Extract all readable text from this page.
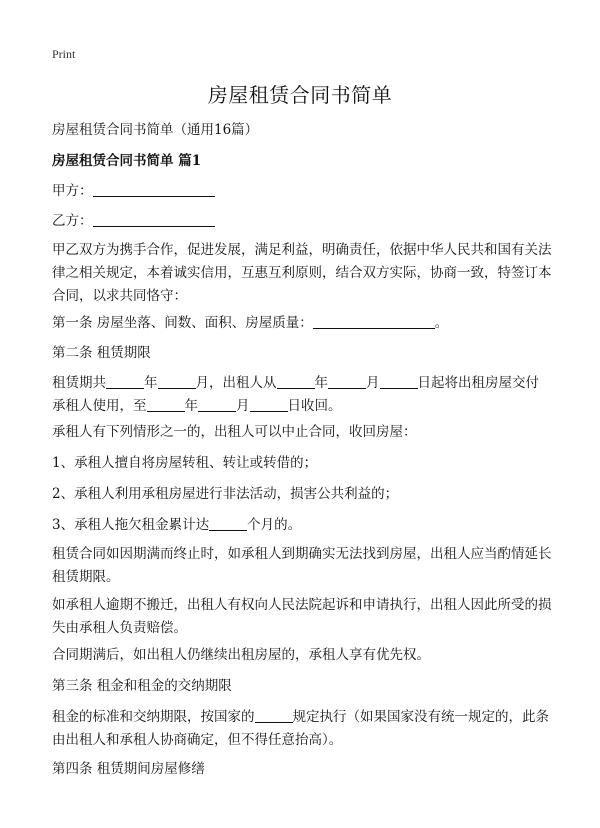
Print
房屋租赁合同书简单
房屋租赁合同书简单（通用16篇）
房屋租赁合同书简单 篇1
甲方：
乙方：
甲乙双方为携手合作，促进发展，满足利益，明确责任，依据中华人民共和国有关法律之相关规定，本着诚实信用，互惠互利原则，结合双方实际，协商一致，特签订本合同，以求共同恪守：
第一条 房屋坐落、间数、面积、房屋质量：	。
第二条 租赁期限
租赁期共	年	月，出租人从	年	月	日起将出租房屋交付承租人使用，至	年	月	日收回。
承租人有下列情形之一的，出租人可以中止合同，收回房屋：
1、承租人擅自将房屋转租、转让或转借的；
2、承租人利用承租房屋进行非法活动，损害公共利益的；
3、承租人拖欠租金累计达	个月的。
租赁合同如因期满而终止时，如承租人到期确实无法找到房屋，出租人应当酌情延长租赁期限。
如承租人逾期不搬迁，出租人有权向人民法院起诉和申请执行，出租人因此所受的损失由承租人负责赔偿。
合同期满后，如出租人仍继续出租房屋的，承租人享有优先权。
第三条 租金和租金的交纳期限
租金的标准和交纳期限，按国家的	规定执行（如果国家没有统一规定的，此条由出租人和承租人协商确定，但不得任意抬高）。
第四条 租赁期间房屋修缮
